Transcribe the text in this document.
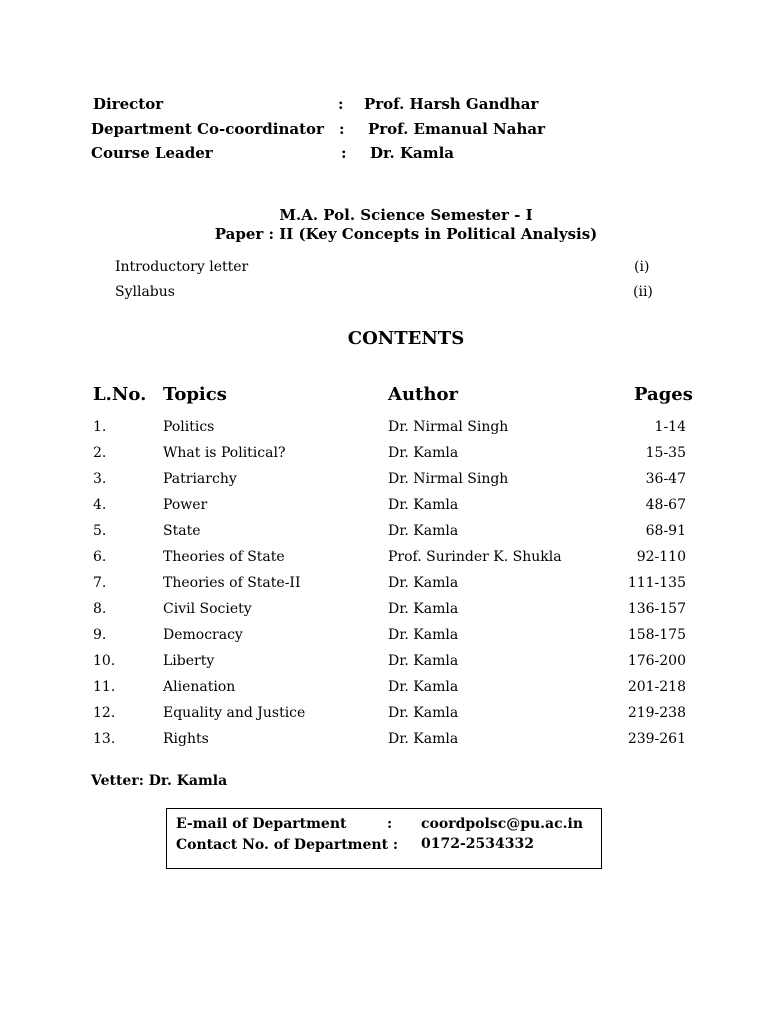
Director	: Prof. Harsh Gandhar
Department Co-coordinator : Prof. Emanual Nahar
Course Leader	: Dr. Kamla
M.A. Pol. Science Semester - I
Paper : II (Key Concepts in Political Analysis)
Introductory letter	(i)
Syllabus	(ii)
CONTENTS
L.No. Topics	Author	Pages
1.	Politics	Dr. Nirmal Singh	1-14
2.	What is Political?	Dr. Kamla	15-35
3.	Patriarchy	Dr. Nirmal Singh	36-47
4.	Power	Dr. Kamla	48-67
5.	State	Dr. Kamla	68-91
6.	Theories of State	Prof. Surinder K. Shukla	92-110
7.	Theories of State-II	Dr. Kamla	111-135
8.	Civil Society	Dr. Kamla	136-157
9.	Democracy	Dr. Kamla	158-175
10.	Liberty	Dr. Kamla	176-200
11.	Alienation	Dr. Kamla	201-218
12.	Equality and Justice	Dr. Kamla	219-238
13.	Rights	Dr. Kamla	239-261
Vetter: Dr. Kamla
E-mail of Department	: coordpolsc@pu.ac.in
Contact No. of Department : 0172-2534332
